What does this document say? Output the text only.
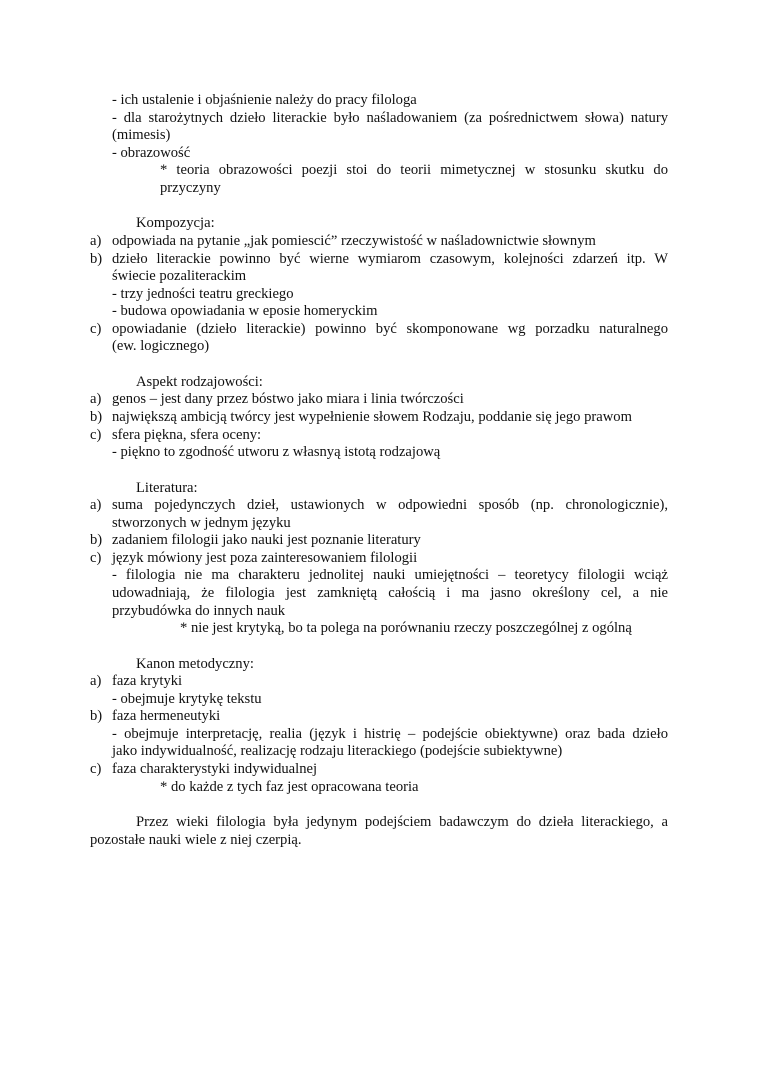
- ich ustalenie i objaśnienie należy do pracy filologa
- dla starożytnych dzieło literackie było naśladowaniem (za pośrednictwem słowa) natury
(mimesis)
- obrazowość
* teoria obrazowości poezji stoi do teorii mimetycznej w stosunku skutku do
przyczyny
Kompozycja:
a) odpowiada na pytanie „jak pomiescić” rzeczywistość w naśladownictwie słownym
b) dzieło literackie powinno być wierne wymiarom czasowym, kolejności zdarzeń itp. W
świecie pozaliterackim
- trzy jedności teatru greckiego
- budowa opowiadania w eposie homeryckim
c) opowiadanie (dzieło literackie) powinno być skomponowane wg porzadku naturalnego
(ew. logicznego)
Aspekt rodzajowości:
a) genos – jest dany przez bóstwo jako miara i linia twórczości
b) największą ambicją twórcy jest wypełnienie słowem Rodzaju, poddanie się jego prawom
c) sfera piękna, sfera oceny:
- piękno to zgodność utworu z własnyą istotą rodzajową
Literatura:
a) suma pojedynczych dzieł, ustawionych w odpowiedni sposób (np. chronologicznie),
stworzonych w jednym języku
b) zadaniem filologii jako nauki jest poznanie literatury
c) język mówiony jest poza zainteresowaniem filologii
- filologia nie ma charakteru jednolitej nauki umiejętności – teoretycy filologii wciąż
udowadniają, że filologia jest zamkniętą całością i ma jasno określony cel, a nie
przybudówka do innych nauk
* nie jest krytyką, bo ta polega na porównaniu rzeczy poszczególnej z ogólną
Kanon metodyczny:
a) faza krytyki
- obejmuje krytykę tekstu
b) faza hermeneutyki
- obejmuje interpretację, realia (język i histrię – podejście obiektywne) oraz bada dzieło
jako indywidualność, realizację rodzaju literackiego (podejście subiektywne)
c) faza charakterystyki indywidualnej
* do każde z tych faz jest opracowana teoria
Przez wieki filologia była jedynym podejściem badawczym do dzieła literackiego, a
pozostałe nauki wiele z niej czerpią.
